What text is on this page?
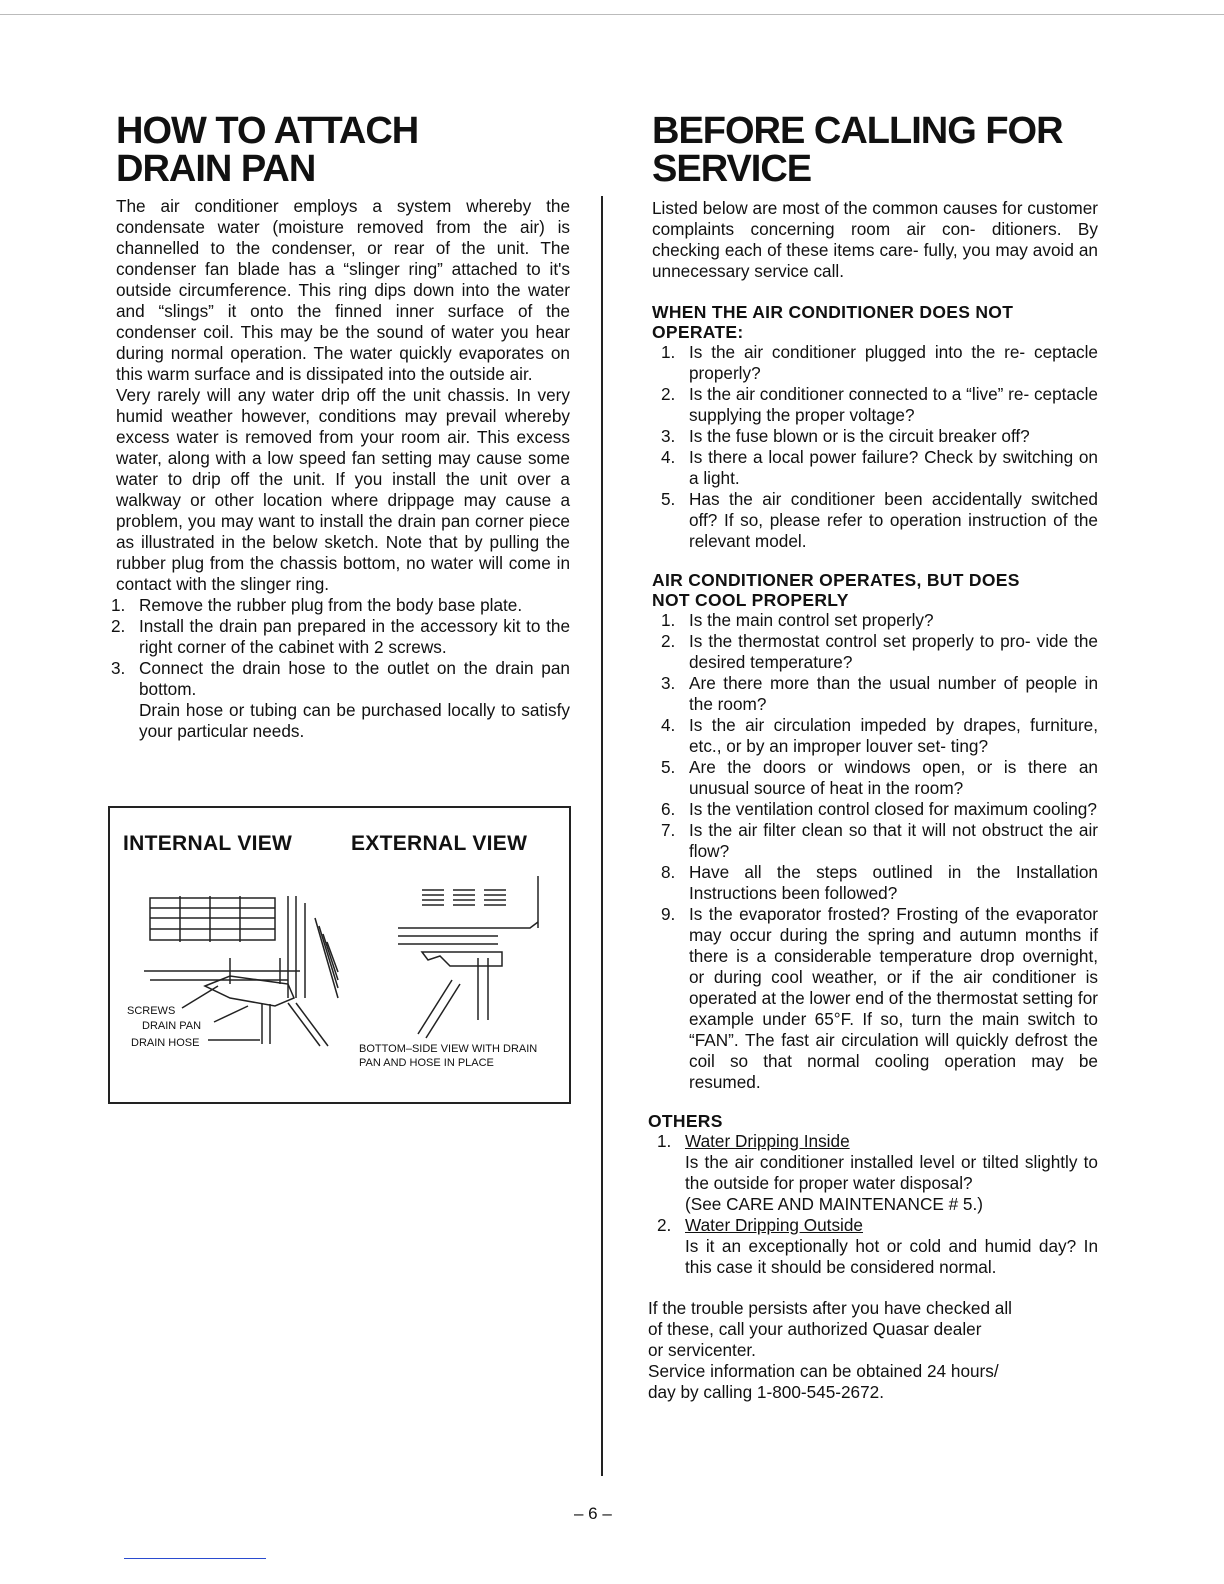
HOW TO ATTACH
DRAIN PAN

The air conditioner employs a system whereby the condensate water (moisture removed from the air) is channelled to the condenser, or rear of the unit. The condenser fan blade has a “slinger ring” attached to it's outside circumference. This ring dips down into the water and “slings” it onto the finned inner surface of the condenser coil. This may be the sound of water you hear during normal operation. The water quickly evaporates on this warm surface and is dissipated into the outside air.

Very rarely will any water drip off the unit chassis. In very humid weather however, conditions may prevail whereby excess water is removed from your room air. This excess water, along with a low speed fan setting may cause some water to drip off the unit. If you install the unit over a walkway or other location where drippage may cause a problem, you may want to install the drain pan corner piece as illustrated in the below sketch. Note that by pulling the rubber plug from the chassis bottom, no water will come in contact with the slinger ring.

1. Remove the rubber plug from the body base plate.
2. Install the drain pan prepared in the accessory kit to the right corner of the cabinet with 2 screws.
3. Connect the drain hose to the outlet on the drain pan bottom.
Drain hose or tubing can be purchased locally to satisfy your particular needs.
INTERNAL VIEW	EXTERNAL VIEW
SCREWS
DRAIN PAN
DRAIN HOSE	BOTTOM–SIDE VIEW WITH DRAIN
PAN AND HOSE IN PLACE
BEFORE CALLING FOR
SERVICE

Listed below are most of the common causes for customer complaints concerning room air con- ditioners. By checking each of these items care- fully, you may avoid an unnecessary service call.

WHEN THE AIR CONDITIONER DOES NOT
OPERATE:

1. Is the air conditioner plugged into the re- ceptacle properly?
2. Is the air conditioner connected to a “live” re- ceptacle supplying the proper voltage?
3. Is the fuse blown or is the circuit breaker off?
4. Is there a local power failure? Check by switching on a light.
5. Has the air conditioner been accidentally switched off? If so, please refer to operation instruction of the relevant model.

AIR CONDITIONER OPERATES, BUT DOES
NOT COOL PROPERLY

1. Is the main control set properly?
2. Is the thermostat control set properly to pro- vide the desired temperature?
3. Are there more than the usual number of people in the room?
4. Is the air circulation impeded by drapes, furniture, etc., or by an improper louver set- ting?
5. Are the doors or windows open, or is there an unusual source of heat in the room?
6. Is the ventilation control closed for maximum cooling?
7. Is the air filter clean so that it will not obstruct the air flow?
8. Have all the steps outlined in the Installation Instructions been followed?
9. Is the evaporator frosted? Frosting of the evaporator may occur during the spring and autumn months if there is a considerable temperature drop overnight, or during cool weather, or if the air conditioner is operated at the lower end of the thermostat setting for example under 65°F. If so, turn the main switch to “FAN”. The fast air circulation will quickly defrost the coil so that normal cooling operation may be resumed.

OTHERS

1. Water Dripping Inside
Is the air conditioner installed level or tilted slightly to the outside for proper water disposal?
(See CARE AND MAINTENANCE # 5.)
2. Water Dripping Outside
Is it an exceptionally hot or cold and humid day? In this case it should be considered normal.
If the trouble persists after you have checked all
of these, call your authorized Quasar dealer
or servicenter.
Service information can be obtained 24 hours/
day by calling 1-800-545-2672.
– 6 –
